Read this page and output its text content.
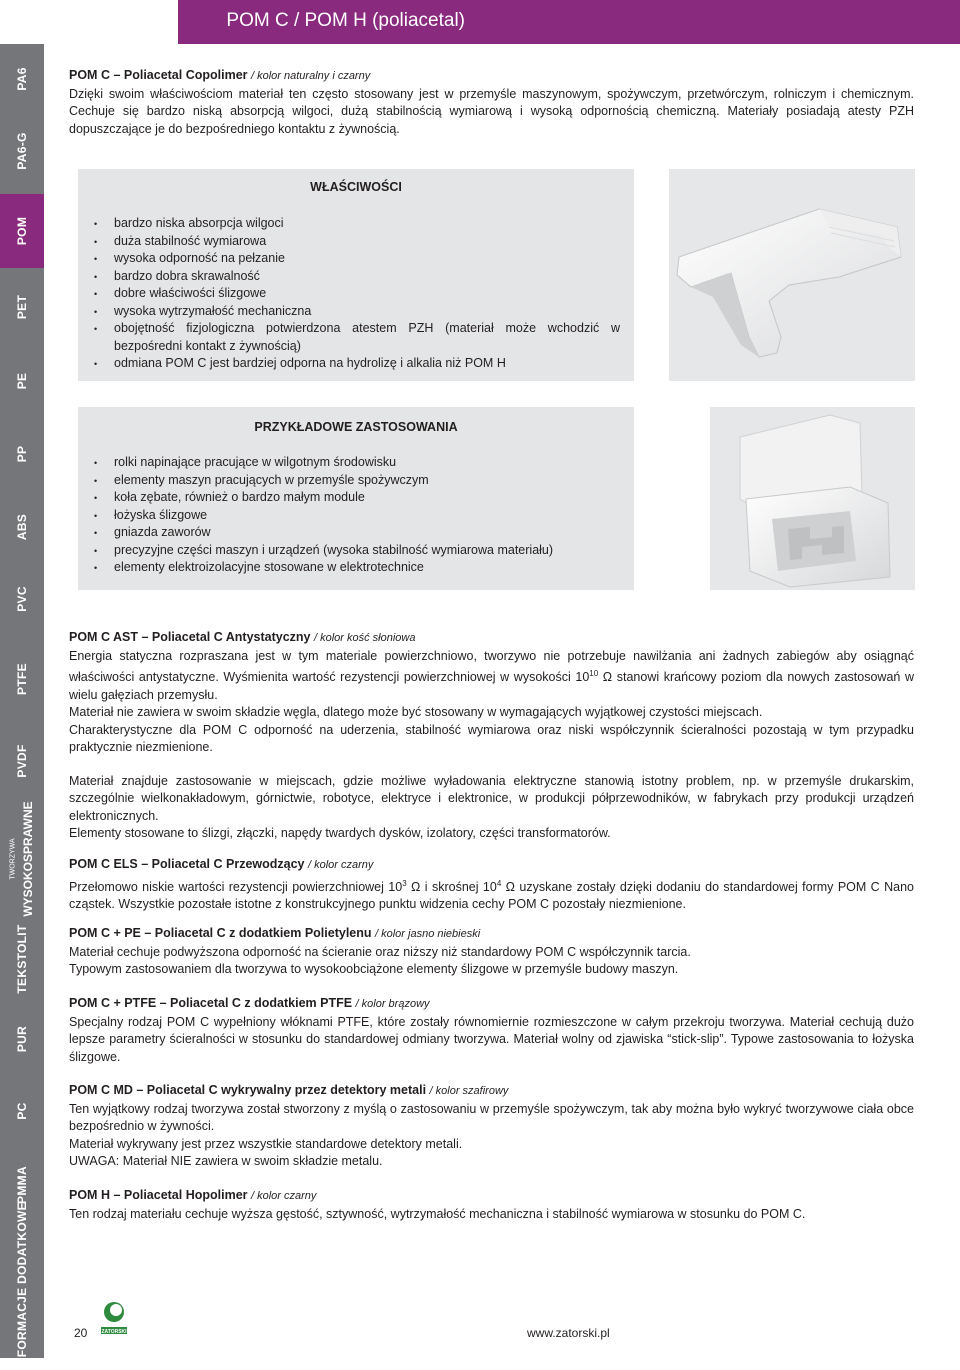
POM C / POM H (poliacetal)
PA6
PA6-G
POM
PET
PE
PP
ABS
PVC
PTFE
PVDF
TWORZYWA WYSOKOSPRAWNE
TEKSTOLIT
PUR
PC
PMMA
INFORMACJE DODATKOWE
POM C – Poliacetal Copolimer / kolor naturalny i czarny

Dzięki swoim właściwościom materiał ten często stosowany jest w przemyśle maszynowym, spożywczym, przetwórczym, rolniczym i chemicznym. Cechuje się bardzo niską absorpcją wilgoci, dużą stabilnością wymiarową i wysoką odpornością chemiczną. Materiały posiadają atesty PZH dopuszczające je do bezpośredniego kontaktu z żywnością.

WŁAŚCIWOŚCI
• bardzo niska absorpcja wilgoci
• duża stabilność wymiarowa
• wysoka odporność na pełzanie
• bardzo dobra skrawalność
• dobre właściwości ślizgowe
• wysoka wytrzymałość mechaniczna
• obojętność fizjologiczna potwierdzona atestem PZH (materiał może wchodzić w bezpośredni kontakt z żywnością)
• odmiana POM C jest bardziej odporna na hydrolizę i alkalia niż POM H
PRZYKŁADOWE ZASTOSOWANIA
• rolki napinające pracujące w wilgotnym środowisku
• elementy maszyn pracujących w przemyśle spożywczym
• koła zębate, również o bardzo małym module
• łożyska ślizgowe
• gniazda zaworów
• precyzyjne części maszyn i urządzeń (wysoka stabilność wymiarowa materiału)
• elementy elektroizolacyjne stosowane w elektrotechnice
POM C AST – Poliacetal C Antystatyczny / kolor kość słoniowa

Energia statyczna rozpraszana jest w tym materiale powierzchniowo, tworzywo nie potrzebuje nawilżania ani żadnych zabiegów aby osiągnąć właściwości antystatyczne. Wyśmienita wartość rezystencji powierzchniowej w wysokości $10^{10}$ Ω stanowi krańcowy poziom dla nowych zastosowań w wielu gałęziach przemysłu.

Materiał nie zawiera w swoim składzie węgla, dlatego może być stosowany w wymagających wyjątkowej czystości miejscach.

Charakterystyczne dla POM C odporność na uderzenia, stabilność wymiarowa oraz niski współczynnik ścieralności pozostają w tym przypadku praktycznie niezmienione.

Materiał znajduje zastosowanie w miejscach, gdzie możliwe wyładowania elektryczne stanowią istotny problem, np. w przemyśle drukarskim, szczególnie wielkonakładowym, górnictwie, robotyce, elektryce i elektronice, w produkcji półprzewodników, w fabrykach przy produkcji urządzeń elektronicznych.

Elementy stosowane to ślizgi, złączki, napędy twardych dysków, izolatory, części transformatorów.

POM C ELS – Poliacetal C Przewodzący / kolor czarny

Przełomowo niskie wartości rezystencji powierzchniowej $10^3$ Ω i skrośnej $10^4$ Ω uzyskane zostały dzięki dodaniu do standardowej formy POM C Nano cząstek. Wszystkie pozostałe istotne z konstrukcyjnego punktu widzenia cechy POM C pozostały niezmienione.

POM C + PE – Poliacetal C z dodatkiem Polietylenu / kolor jasno niebieski

Materiał cechuje podwyższona odporność na ścieranie oraz niższy niż standardowy POM C współczynnik tarcia.

Typowym zastosowaniem dla tworzywa to wysokoobciążone elementy ślizgowe w przemyśle budowy maszyn.

POM C + PTFE – Poliacetal C z dodatkiem PTFE / kolor brązowy

Specjalny rodzaj POM C wypełniony włóknami PTFE, które zostały równomiernie rozmieszczone w całym przekroju tworzywa. Materiał cechują dużo lepsze parametry ścieralności w stosunku do standardowej odmiany tworzywa. Materiał wolny od zjawiska “stick-slip”. Typowe zastosowania to łożyska ślizgowe.

POM C MD – Poliacetal C wykrywalny przez detektory metali / kolor szafirowy

Ten wyjątkowy rodzaj tworzywa został stworzony z myślą o zastosowaniu w przemyśle spożywczym, tak aby można było wykryć tworzywowe ciała obce bezpośrednio w żywności.

Materiał wykrywany jest przez wszystkie standardowe detektory metali.

UWAGA: Materiał NIE zawiera w swoim składzie metalu.

POM H – Poliacetal Hopolimer / kolor czarny

Ten rodzaj materiału cechuje wyższa gęstość, sztywność, wytrzymałość mechaniczna i stabilność wymiarowa w stosunku do POM C.

20	ZATORSKI	www.zatorski.pl
